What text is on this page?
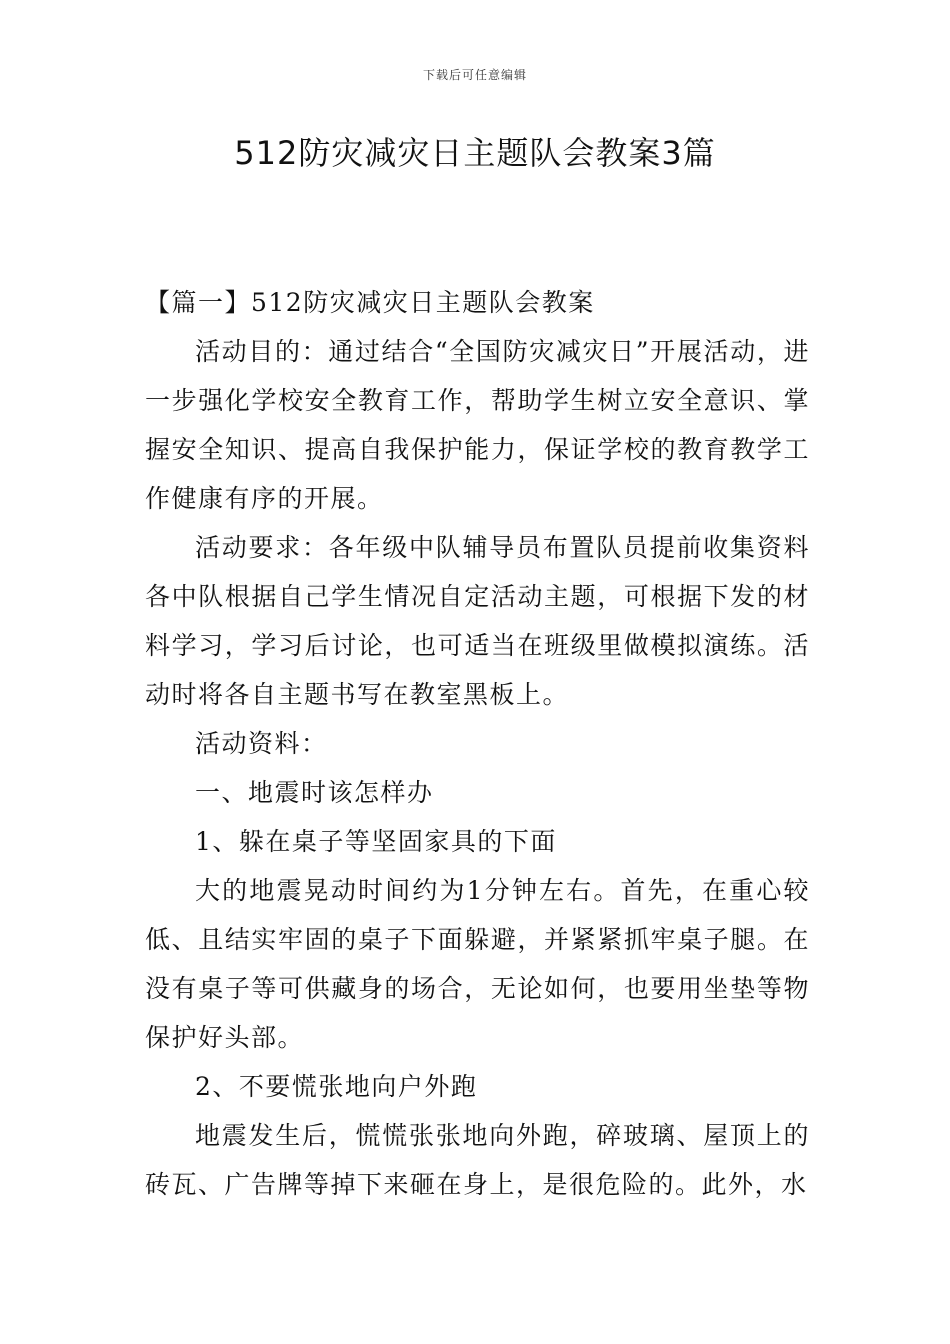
下载后可任意编辑
512防灾减灾日主题队会教案3篇

【篇一】512防灾减灾日主题队会教案

活动目的：通过结合“全国防灾减灾日”开展活动，进一步强化学校安全教育工作，帮助学生树立安全意识、掌握安全知识、提高自我保护能力，保证学校的教育教学工作健康有序的开展。

活动要求：各年级中队辅导员布置队员提前收集资料各中队根据自己学生情况自定活动主题，可根据下发的材料学习，学习后讨论，也可适当在班级里做模拟演练。活动时将各自主题书写在教室黑板上。

活动资料：

一、地震时该怎样办

1、躲在桌子等坚固家具的下面

大的地震晃动时间约为1分钟左右。首先，在重心较低、且结实牢固的桌子下面躲避，并紧紧抓牢桌子腿。在没有桌子等可供藏身的场合，无论如何，也要用坐垫等物保护好头部。

2、不要慌张地向户外跑

地震发生后，慌慌张张地向外跑，碎玻璃、屋顶上的砖瓦、广告牌等掉下来砸在身上，是很危险的。此外，水
